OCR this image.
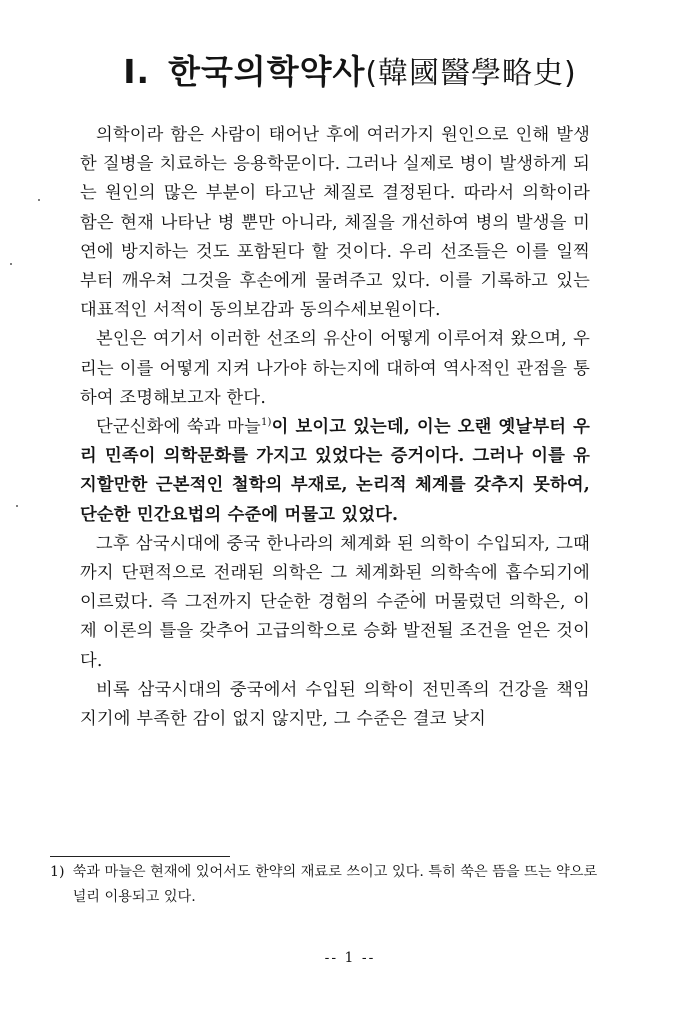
Ⅰ. 한국의학약사(韓國醫學略史)

의학이라 함은 사람이 태어난 후에 여러가지 원인으로 인해 발생한 질병을 치료하는 응용학문이다. 그러나 실제로 병이 발생하게 되는 원인의 많은 부분이 타고난 체질로 결정된다. 따라서 의학이라 함은 현재 나타난 병 뿐만 아니라, 체질을 개선하여 병의 발생을 미연에 방지하는 것도 포함된다 할 것이다. 우리 선조들은 이를 일찍부터 깨우쳐 그것을 후손에게 물려주고 있다. 이를 기록하고 있는 대표적인 서적이 동의보감과 동의수세보원이다.

본인은 여기서 이러한 선조의 유산이 어떻게 이루어져 왔으며, 우리는 이를 어떻게 지켜 나가야 하는지에 대하여 역사적인 관점을 통하여 조명해보고자 한다.

단군신화에 쑥과 마늘$^{1)}$이 보이고 있는데, 이는 오랜 옛날부터 우리 민족이 의학문화를 가지고 있었다는 증거이다. 그러나 이를 유지할만한 근본적인 철학의 부재로, 논리적 체계를 갖추지 못하여, 단순한 민간요법의 수준에 머물고 있었다.

그후 삼국시대에 중국 한나라의 체계화 된 의학이 수입되자, 그때까지 단편적으로 전래된 의학은 그 체계화된 의학속에 흡수되기에 이르렀다. 즉 그전까지 단순한 경험의 수준에 머물렀던 의학은, 이제 이론의 틀을 갖추어 고급의학으로 승화 발전될 조건을 얻은 것이다.

비록 삼국시대의 중국에서 수입된 의학이 전민족의 건강을 책임지기에 부족한 감이 없지 않지만, 그 수준은 결코 낮지

1) 쑥과 마늘은 현재에 있어서도 한약의 재료로 쓰이고 있다. 특히 쑥은 뜸을 뜨는 약으로 널리 이용되고 있다.
-- 1 --
